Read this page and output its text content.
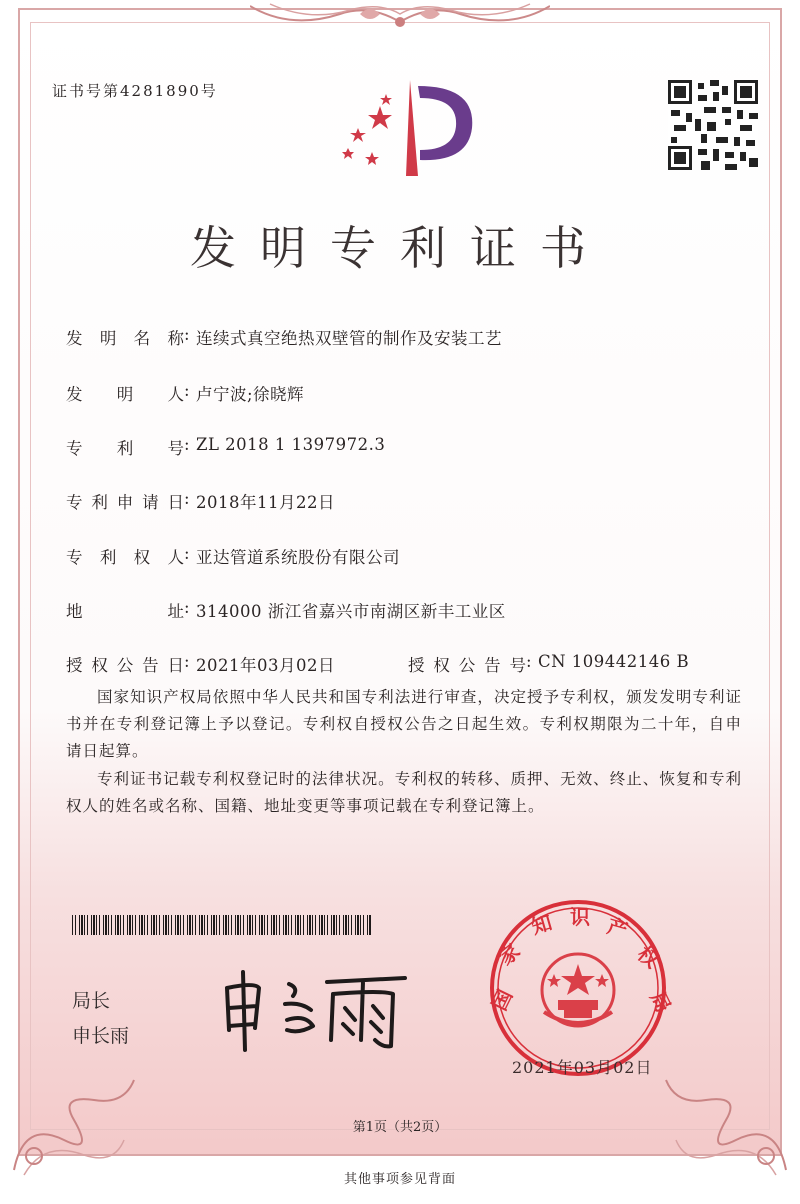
证书号第4281890号
发明专利证书
发明名称 : 连续式真空绝热双壁管的制作及安装工艺
发明人 : 卢宁波;徐晓辉
专利号 : ZL 2018 1 1397972.3
专利申请日 : 2018年11月22日
专利权人 : 亚达管道系统股份有限公司
地址 : 314000 浙江省嘉兴市南湖区新丰工业区
授权公告日 : 2021年03月02日	授权公告号 : CN 109442146 B
国家知识产权局依照中华人民共和国专利法进行审查，决定授予专利权，颁发发明专利证书并在专利登记簿上予以登记。专利权自授权公告之日起生效。专利权期限为二十年，自申请日起算。
专利证书记载专利权登记时的法律状况。专利权的转移、质押、无效、终止、恢复和专利权人的姓名或名称、国籍、地址变更等事项记载在专利登记簿上。
局长
申长雨
国
家
知 识 产
权
局
2021年03月02日
第1页（共2页）
其他事项参见背面
